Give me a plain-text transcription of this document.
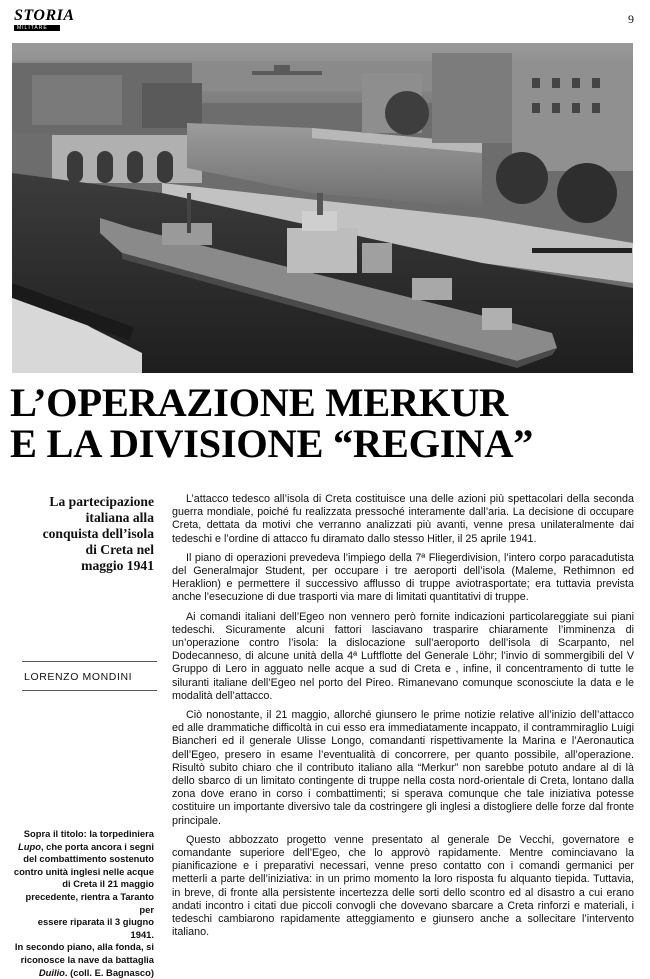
STORIA
MILITARE
9
L’OPERAZIONE MERKUR
E LA DIVISIONE “REGINA”
La partecipazione
italiana alla
conquista dell’isola
di Creta nel
maggio 1941
LORENZO MONDINI
Sopra il titolo: la torpediniera
Lupo, che porta ancora i segni
del combattimento sostenuto
contro unità inglesi nelle acque
di Creta il 21 maggio
precedente, rientra a Taranto per
essere riparata il 3 giugno 1941.
In secondo piano, alla fonda, si
riconosce la nave da battaglia
Duilio. (coll. E. Bagnasco)

L’attacco tedesco all’isola di Creta costituisce una delle azioni più spettacolari della seconda guerra mondiale, poiché fu realizzata pressoché interamente dall’aria. La decisione di occupare Creta, dettata da motivi che verranno analizzati più avanti, venne presa unilateralmente dai tedeschi e l’ordine di attacco fu diramato dallo stesso Hitler, il 25 aprile 1941.

Il piano di operazioni prevedeva l’impiego della 7ª Fliegerdivision, l’intero corpo paracadutista del Generalmajor Student, per occupare i tre aeroporti dell’isola (Maleme, Rethimnon ed Heraklion) e permettere il successivo afflusso di truppe aviotrasportate; era tuttavia prevista anche l’esecuzione di due trasporti via mare di limitati quantitativi di truppe.

Ai comandi italiani dell’Egeo non vennero però fornite indicazioni particolareggiate sui piani tedeschi. Sicuramente alcuni fattori lasciavano trasparire chiaramente l’imminenza di un’operazione contro l’isola: la dislocazione sull’aeroporto dell’isola di Scarpanto, nel Dodecanneso, di alcune unità della 4ª Luftflotte del Generale Löhr; l’invio di sommergibili del V Gruppo di Lero in agguato nelle acque a sud di Creta e , infine, il concentramento di tutte le siluranti italiane dell’Egeo nel porto del Pireo. Rimanevano comunque sconosciute la data e le modalità dell’attacco.

Ciò nonostante, il 21 maggio, allorché giunsero le prime notizie relative all’inizio dell’attacco ed alle drammatiche difficoltà in cui esso era immediatamente incappato, il contrammiraglio Luigi Biancheri ed il generale Ulisse Longo, comandanti rispettivamente la Marina e l’Aeronautica dell’Egeo, presero in esame l’eventualità di concorrere, per quanto possibile, all’operazione. Risultò subito chiaro che il contributo italiano alla “Merkur” non sarebbe potuto andare al di là dello sbarco di un limitato contingente di truppe nella costa nord-orientale di Creta, lontano dalla zona dove erano in corso i combattimenti; si sperava comunque che tale iniziativa potesse costituire un importante diversivo tale da costringere gli inglesi a distogliere delle forze dal fronte principale.

Questo abbozzato progetto venne presentato al generale De Vecchi, governatore e comandante superiore dell’Egeo, che lo approvò rapidamente. Mentre cominciavano la pianificazione e i preparativi necessari, venne preso contatto con i comandi germanici per metterli a parte dell’iniziativa: in un primo momento la loro risposta fu alquanto tiepida. Tuttavia, in breve, di fronte alla persistente incertezza delle sorti dello scontro ed al disastro a cui erano andati incontro i citati due piccoli convogli che dovevano sbarcare a Creta rinforzi e materiali, i tedeschi cambiarono rapidamente atteggiamento e giunsero anche a sollecitare l’intervento italiano.
